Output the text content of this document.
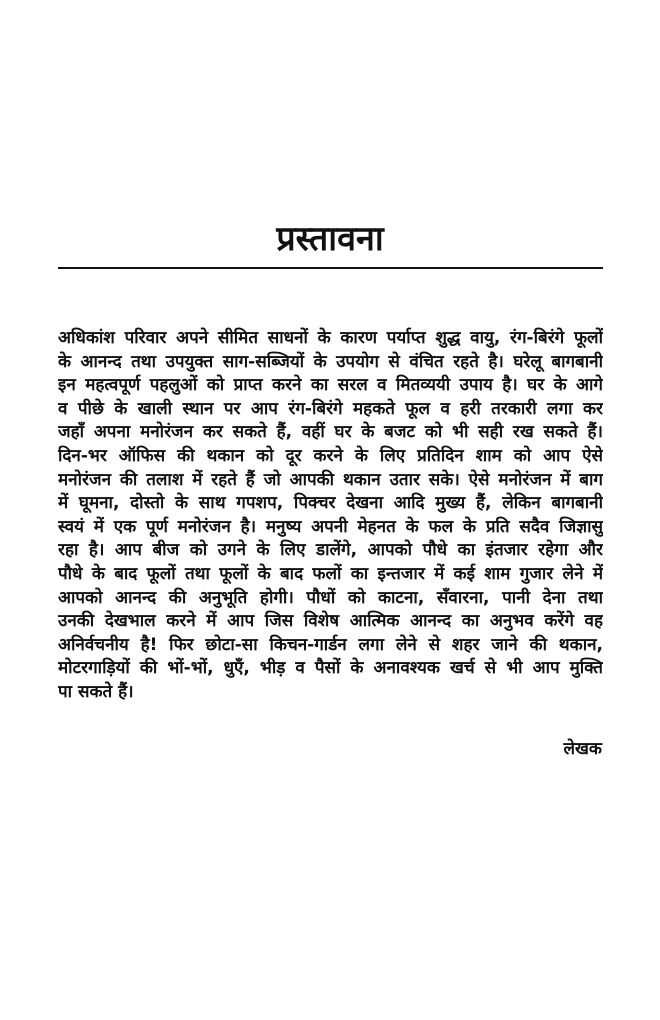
प्रस्तावना
अधिकांश परिवार अपने सीमित साधनों के कारण पर्याप्त शुद्ध वायु, रंग-बिरंगे फूलों
के आनन्द तथा उपयुक्त साग-सब्जियों के उपयोग से वंचित रहते है। घरेलू बागबानी
इन महत्वपूर्ण पहलुओं को प्राप्त करने का सरल व मितव्ययी उपाय है। घर के आगे
व पीछे के खाली स्थान पर आप रंग-बिरंगे महकते फूल व हरी तरकारी लगा कर
जहाँ अपना मनोरंजन कर सकते हैं, वहीं घर के बजट को भी सही रख सकते हैं।
दिन-भर ऑफिस की थकान को दूर करने के लिए प्रतिदिन शाम को आप ऐसे
मनोरंजन की तलाश में रहते हैं जो आपकी थकान उतार सके। ऐसे मनोरंजन में बाग
में घूमना, दोस्तो के साथ गपशप, पिक्चर देखना आदि मुख्य हैं, लेकिन बागबानी
स्वयं में एक पूर्ण मनोरंजन है। मनुष्य अपनी मेहनत के फल के प्रति सदैव जिज्ञासु
रहा है। आप बीज को उगने के लिए डालेंगे, आपको पौधे का इंतजार रहेगा और
पौधे के बाद फूलों तथा फूलों के बाद फलों का इन्तजार में कई शाम गुजार लेने में
आपको आनन्द की अनुभूति होगी। पौधों को काटना, सँवारना, पानी देना तथा
उनकी देखभाल करने में आप जिस विशेष आत्मिक आनन्द का अनुभव करेंगे वह
अनिर्वचनीय है! फिर छोटा-सा किचन-गार्डन लगा लेने से शहर जाने की थकान,
मोटरगाड़ियों की भों-भों, धुएँ, भीड़ व पैसों के अनावश्यक खर्च से भी आप मुक्ति
पा सकते हैं।
लेखक
